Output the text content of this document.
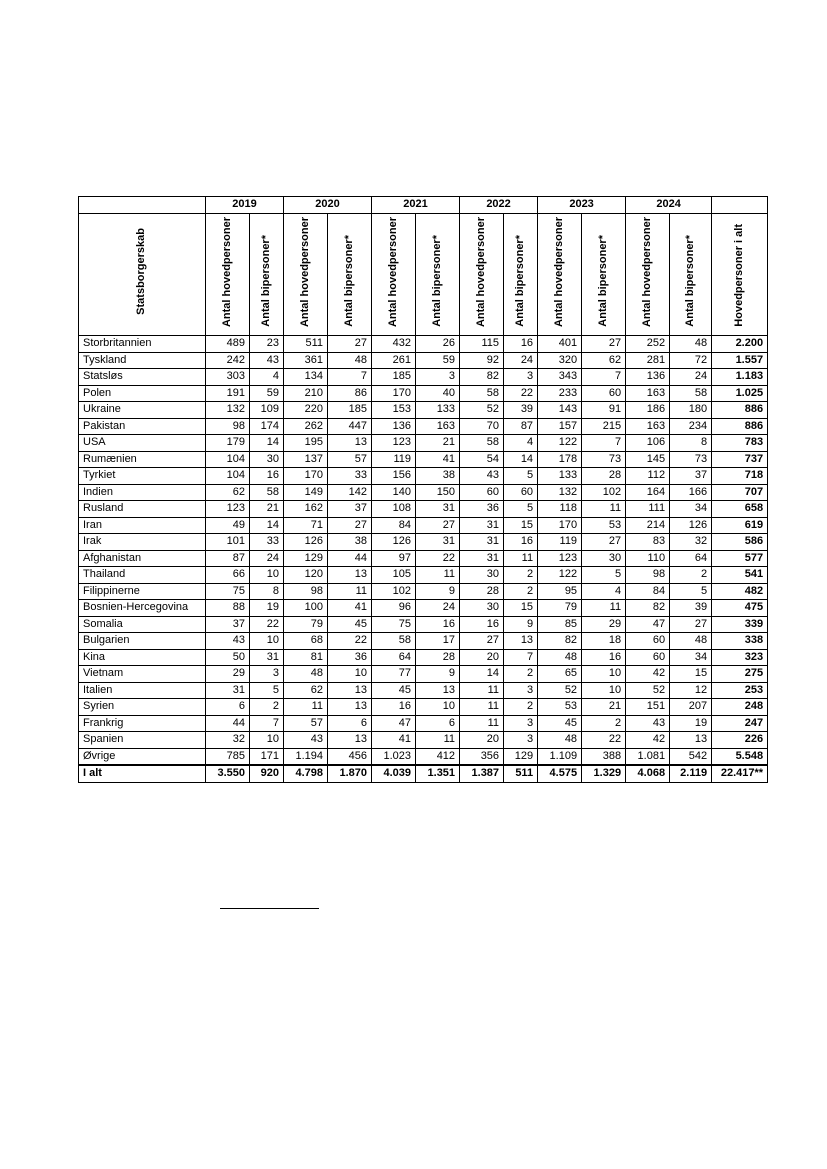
	2019		2020		2021		2022		2023		2024		
Statsborgerskab	Antal hovedpersoner	Antal bipersoner*	Antal hovedpersoner	Antal bipersoner*	Antal hovedpersoner	Antal bipersoner*	Antal hovedpersoner	Antal bipersoner*	Antal hovedpersoner	Antal bipersoner*	Antal hovedpersoner	Antal bipersoner*	Hovedpersoner i alt
Storbritannien	489	23	511	27	432	26	115	16	401	27	252	48	2.200
Tyskland	242	43	361	48	261	59	92	24	320	62	281	72	1.557
Statsløs	303	4	134	7	185	3	82	3	343	7	136	24	1.183
Polen	191	59	210	86	170	40	58	22	233	60	163	58	1.025
Ukraine	132	109	220	185	153	133	52	39	143	91	186	180	886
Pakistan	98	174	262	447	136	163	70	87	157	215	163	234	886
USA	179	14	195	13	123	21	58	4	122	7	106	8	783
Rumænien	104	30	137	57	119	41	54	14	178	73	145	73	737
Tyrkiet	104	16	170	33	156	38	43	5	133	28	112	37	718
Indien	62	58	149	142	140	150	60	60	132	102	164	166	707
Rusland	123	21	162	37	108	31	36	5	118	11	111	34	658
Iran	49	14	71	27	84	27	31	15	170	53	214	126	619
Irak	101	33	126	38	126	31	31	16	119	27	83	32	586
Afghanistan	87	24	129	44	97	22	31	11	123	30	110	64	577
Thailand	66	10	120	13	105	11	30	2	122	5	98	2	541
Filippinerne	75	8	98	11	102	9	28	2	95	4	84	5	482
Bosnien-Hercegovina	88	19	100	41	96	24	30	15	79	11	82	39	475
Somalia	37	22	79	45	75	16	16	9	85	29	47	27	339
Bulgarien	43	10	68	22	58	17	27	13	82	18	60	48	338
Kina	50	31	81	36	64	28	20	7	48	16	60	34	323
Vietnam	29	3	48	10	77	9	14	2	65	10	42	15	275
Italien	31	5	62	13	45	13	11	3	52	10	52	12	253
Syrien	6	2	11	13	16	10	11	2	53	21	151	207	248
Frankrig	44	7	57	6	47	6	11	3	45	2	43	19	247
Spanien	32	10	43	13	41	11	20	3	48	22	42	13	226
Øvrige	785	171	1.194	456	1.023	412	356	129	1.109	388	1.081	542	5.548
I alt	3.550	920	4.798	1.870	4.039	1.351	1.387	511	4.575	1.329	4.068	2.119	22.417**
